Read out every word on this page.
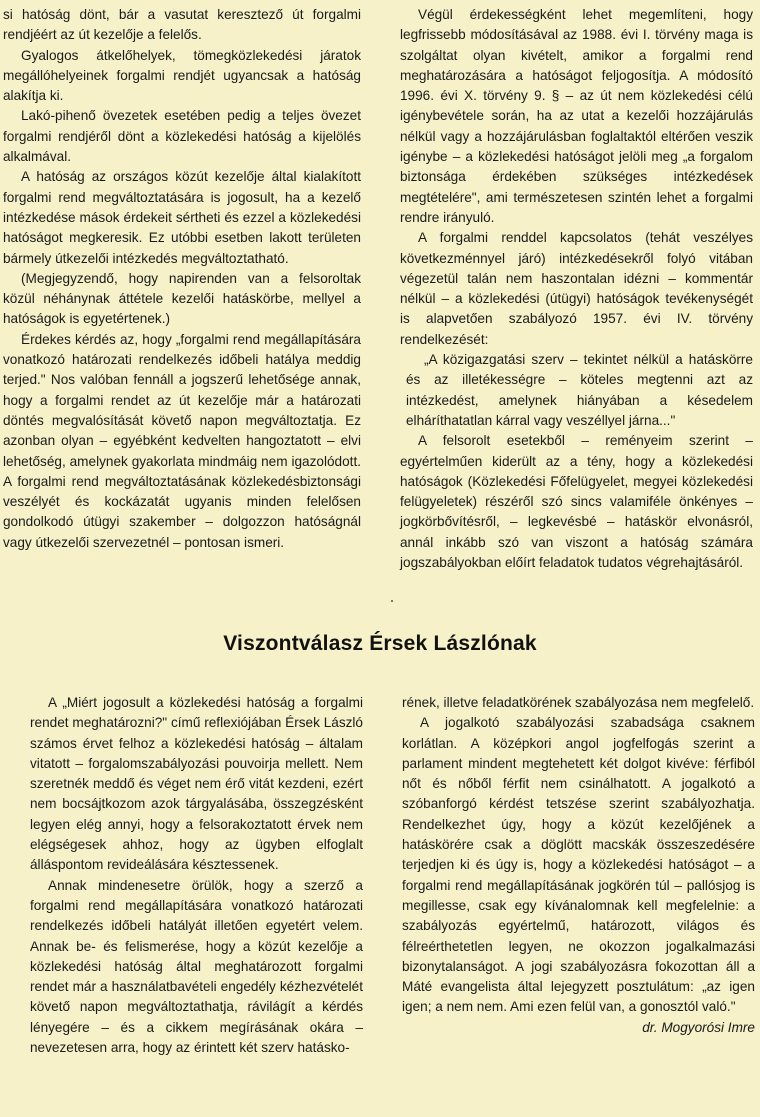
si hatóság dönt, bár a vasutat keresztező út forgalmi rendjéért az út kezelője a felelős.

Gyalogos átkelőhelyek, tömegközlekedési járatok megállóhelyeinek forgalmi rendjét ugyancsak a hatóság alakítja ki.

Lakó-pihenő övezetek esetében pedig a teljes övezet forgalmi rendjéről dönt a közlekedési hatóság a kijelölés alkalmával.

A hatóság az országos közút kezelője által kialakított forgalmi rend megváltoztatására is jogosult, ha a kezelő intézkedése mások érdekeit sértheti és ezzel a közlekedési hatóságot megkeresik. Ez utóbbi esetben lakott területen bármely útkezelői intézkedés megváltoztatható.

(Megjegyzendő, hogy napirenden van a felsoroltak közül néhánynak áttétele kezelői hatáskörbe, mellyel a hatóságok is egyetértenek.)

Érdekes kérdés az, hogy „forgalmi rend megállapítására vonatkozó határozati rendelkezés időbeli hatálya meddig terjed." Nos valóban fennáll a jogszerű lehetősége annak, hogy a forgalmi rendet az út kezelője már a határozati döntés megvalósítását követő napon megváltoztatja. Ez azonban olyan – egyébként kedvelten hangoztatott – elvi lehetőség, amelynek gyakorlata mindmáig nem igazolódott. A forgalmi rend megváltoztatásának közlekedésbiztonsági veszélyét és kockázatát ugyanis minden felelősen gondolkodó útügyi szakember – dolgozzon hatóságnál vagy útkezelői szervezetnél – pontosan ismeri.

Végül érdekességként lehet megemlíteni, hogy legfrissebb módosításával az 1988. évi I. törvény maga is szolgáltat olyan kivételt, amikor a forgalmi rend meghatározására a hatóságot feljogosítja. A módosító 1996. évi X. törvény 9. § – az út nem közlekedési célú igénybevétele során, ha az utat a kezelői hozzájárulás nélkül vagy a hozzájárulásban foglaltaktól eltérően veszik igénybe – a közlekedési hatóságot jelöli meg „a forgalom biztonsága érdekében szükséges intézkedések megtételére", ami természetesen szintén lehet a forgalmi rendre irányuló.

A forgalmi renddel kapcsolatos (tehát veszélyes következménnyel járó) intézkedésekről folyó vitában végezetül talán nem haszontalan idézni – kommentár nélkül – a közlekedési (útügyi) hatóságok tevékenységét is alapvetően szabályozó 1957. évi IV. törvény rendelkezését:

„A közigazgatási szerv – tekintet nélkül a hatáskörre és az illetékességre – köteles megtenni azt az intézkedést, amelynek hiányában a késedelem elháríthatatlan kárral vagy veszéllyel járna..."

A felsorolt esetekből – reményeim szerint – egyértelműen kiderült az a tény, hogy a közlekedési hatóságok (Közlekedési Főfelügyelet, megyei közlekedési felügyeletek) részéről szó sincs valamiféle önkényes – jogkörbővítésről, – legkevésbé – hatáskör elvonásról, annál inkább szó van viszont a hatóság számára jogszabályokban előírt feladatok tudatos végrehajtásáról.

Viszontválasz Érsek Lászlónak

A „Miért jogosult a közlekedési hatóság a forgalmi rendet meghatározni?" című reflexiójában Érsek László számos érvet felhoz a közlekedési hatóság – általam vitatott – forgalomszabályozási pouvoirja mellett. Nem szeretnék meddő és véget nem érő vitát kezdeni, ezért nem bocsájtkozom azok tárgyalásába, összegzésként legyen elég annyi, hogy a felsorakoztatott érvek nem elégségesek ahhoz, hogy az ügyben elfoglalt álláspontom revideálására késztessenek.

Annak mindenesetre örülök, hogy a szerző a forgalmi rend megállapítására vonatkozó határozati rendelkezés időbeli hatályát illetően egyetért velem. Annak be- és felismerése, hogy a közút kezelője a közlekedési hatóság által meghatározott forgalmi rendet már a használatbavételi engedély kézhezvételét követő napon megváltoztathatja, rávilágít a kérdés lényegére – és a cikkem megírásának okára – nevezetesen arra, hogy az érintett két szerv hatásko-

rének, illetve feladatkörének szabályozása nem megfelelő.

A jogalkotó szabályozási szabadsága csaknem korlátlan. A középkori angol jogfelfogás szerint a parlament mindent megtehetett két dolgot kivéve: férfiból nőt és nőből férfit nem csinálhatott. A jogalkotó a szóbanforgó kérdést tetszése szerint szabályozhatja. Rendelkezhet úgy, hogy a közút kezelőjének a hatáskörére csak a döglött macskák összeszedésére terjedjen ki és úgy is, hogy a közlekedési hatóságot – a forgalmi rend megállapításának jogkörén túl – pallósjog is megillesse, csak egy kívánalomnak kell megfelelnie: a szabályozás egyértelmű, határozott, világos és félreérthetetlen legyen, ne okozzon jogalkalmazási bizonytalanságot. A jogi szabályozásra fokozottan áll a Máté evangelista által lejegyzett posztulátum: „az igen igen; a nem nem. Ami ezen felül van, a gonosztól való."

dr. Mogyorósi Imre
